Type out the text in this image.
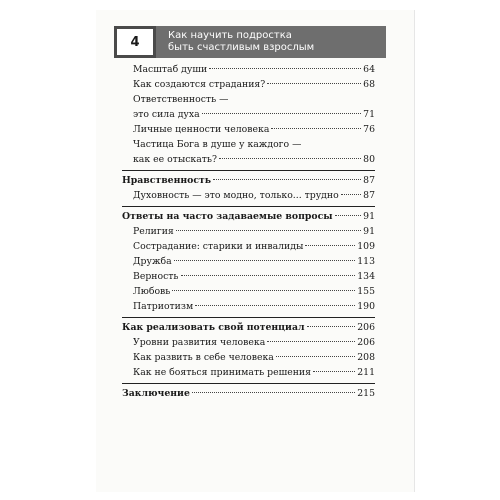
4	Как научить подростка
быть счастливым взрослым
Масштаб души	64
Как создаются страдания?	68
Ответственность —
это сила духа	71
Личные ценности человека	76
Частица Бога в душе у каждого —
как ее отыскать?	80
Нравственность	87
Духовность — это модно, только... трудно	87
Ответы на часто задаваемые вопросы	91
Религия	91
Сострадание: старики и инвалиды	109
Дружба	113
Верность	134
Любовь	155
Патриотизм	190
Как реализовать свой потенциал	206
Уровни развития человека	206
Как развить в себе человека	208
Как не бояться принимать решения	211
Заключение	215
